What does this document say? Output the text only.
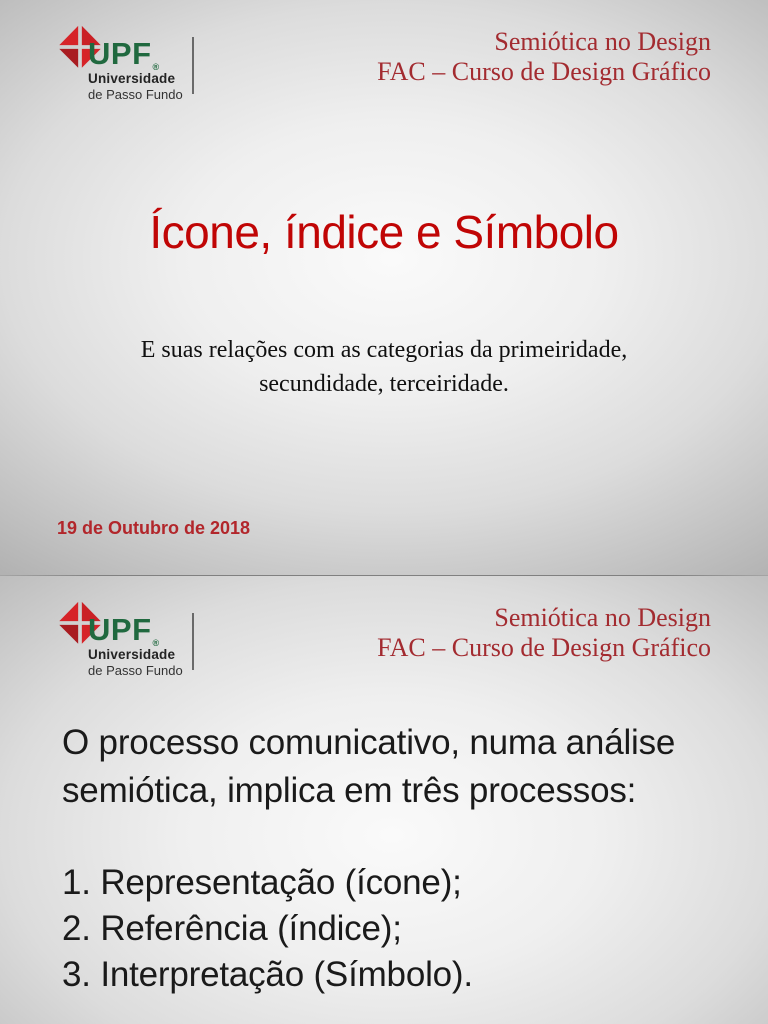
UPF®
Universidade
de Passo Fundo
Semiótica no Design
FAC – Curso de Design Gráfico
Ícone, índice e Símbolo
E suas relações com as categorias da primeiridade,
secundidade, terceiridade.
19 de Outubro de 2018
UPF®
Universidade
de Passo Fundo
Semiótica no Design
FAC – Curso de Design Gráfico
O processo comunicativo, numa análise
semiótica, implica em três processos:
1. Representação (ícone);
2. Referência (índice);
3. Interpretação (Símbolo).
